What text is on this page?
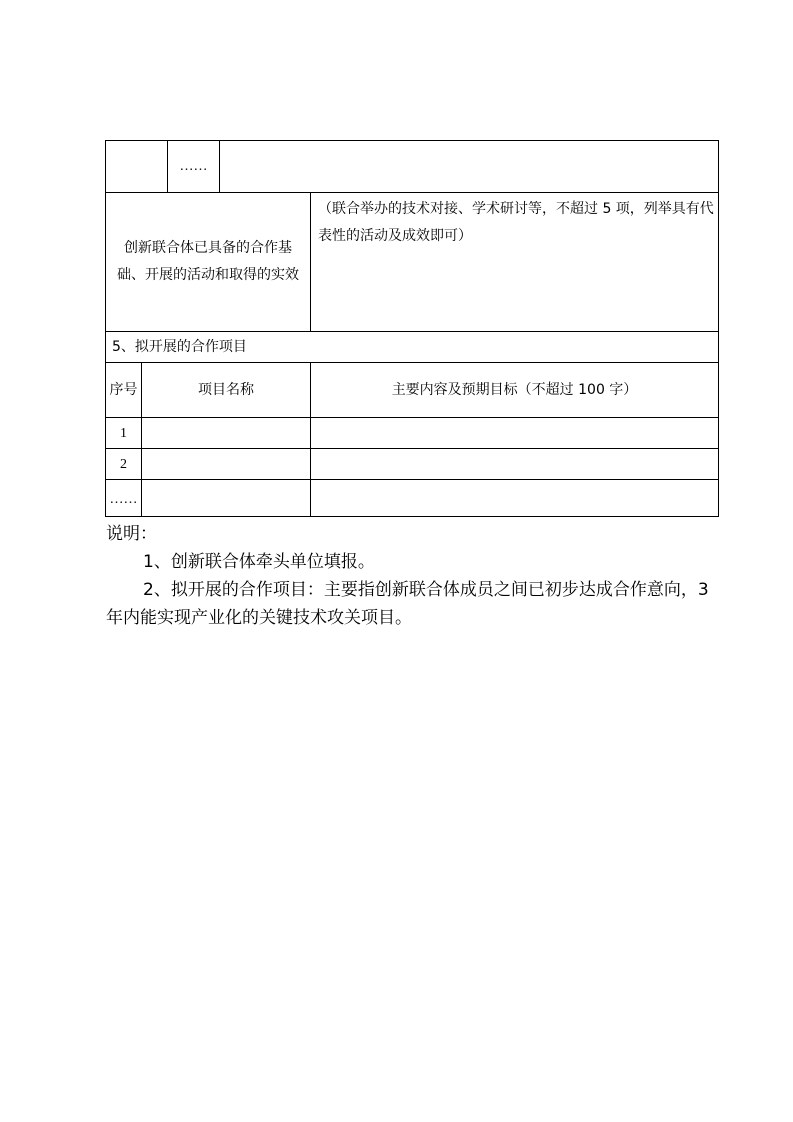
		……		
创新联合体已具备的合作基础、开展的活动和取得的实效				（联合举办的技术对接、学术研讨等，不超过 5 项，列举具有代表性的活动及成效即可）
5、拟开展的合作项目				
序号	项目名称			主要内容及预期目标（不超过 100 字）
1				
2				
……				

说明：

1、创新联合体牵头单位填报。

2、拟开展的合作项目：主要指创新联合体成员之间已初步达成合作意向，3 年内能实现产业化的关键技术攻关项目。
